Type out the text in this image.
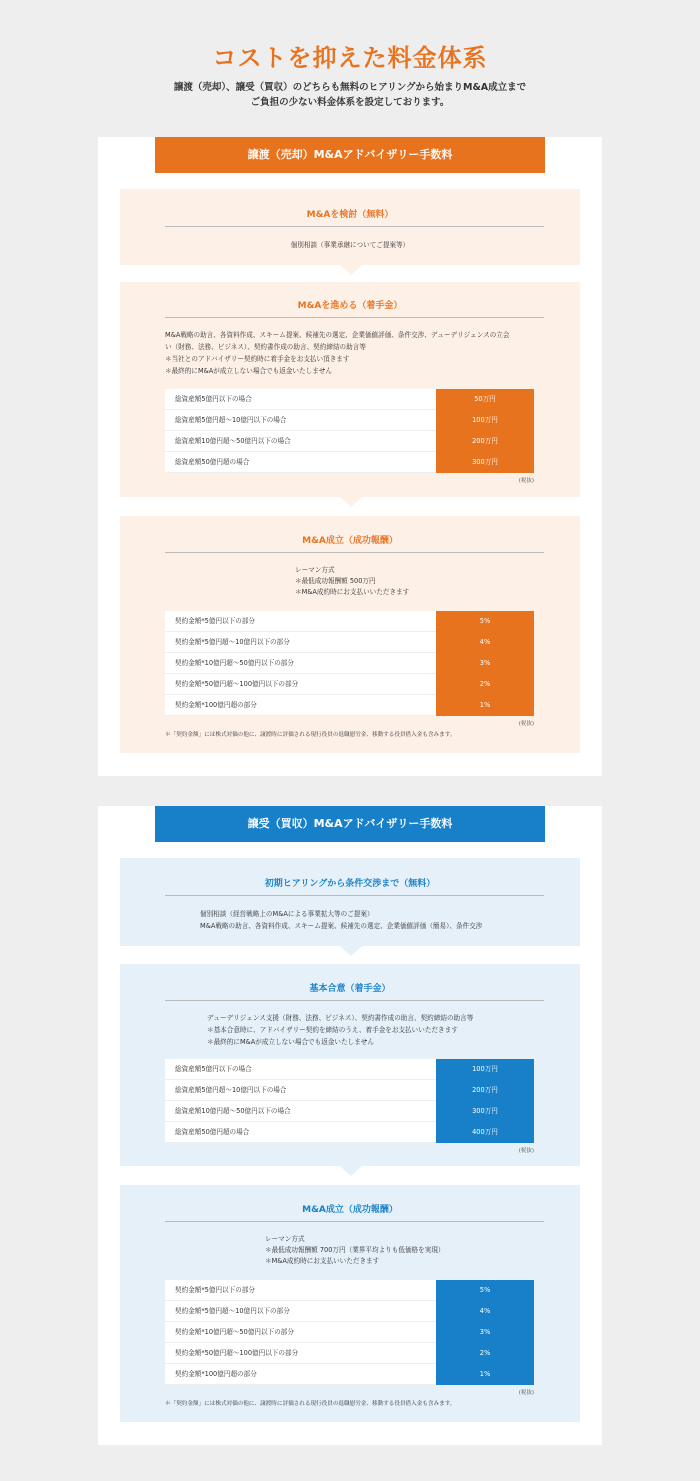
コストを抑えた料金体系
譲渡（売却）、譲受（買収）のどちらも無料のヒアリングから始まりM&A成立まで
ご負担の少ない料金体系を設定しております。
譲渡（売却）M&Aアドバイザリー手数料
M&Aを検討（無料）
個別相談（事業承継についてご提案等）
M&Aを進める（着手金）
M&A戦略の助言、各資料作成、スキーム提案、候補先の選定、企業価値評価、条件交渉、デューデリジェンスの立会
い（財務、法務、ビジネス）、契約書作成の助言、契約締結の助言等
＊当社とのアドバイザリー契約時に着手金をお支払い頂きます
＊最終的にM&Aが成立しない場合でも返金いたしません
総資産額5億円以下の場合	50万円
総資産額5億円超〜10億円以下の場合	100万円
総資産額10億円超〜50億円以下の場合	200万円
総資産額50億円超の場合	300万円
(税抜)
M&A成立（成功報酬）
レーマン方式
＊最低成功報酬額 500万円
＊M&A成約時にお支払いいただきます
契約金額*5億円以下の部分	5%
契約金額*5億円超〜10億円以下の部分	4%
契約金額*10億円超〜50億円以下の部分	3%
契約金額*50億円超〜100億円以下の部分	2%
契約金額*100億円超の部分	1%
(税抜)
＊「契約金額」には株式対価の他に、譲渡時に評価される現行役員の退職慰労金、移動する役員借入金も含みます。
譲受（買収）M&Aアドバイザリー手数料
初期ヒアリングから条件交渉まで（無料）
個別相談（経営戦略上のM&Aによる事業拡大等のご提案）
M&A戦略の助言、各資料作成、スキーム提案、候補先の選定、企業価値評価（簡易）、条件交渉
基本合意（着手金）
デューデリジェンス支援（財務、法務、ビジネス）、契約書作成の助言、契約締結の助言等
＊基本合意時に、アドバイザリー契約を締結のうえ、着手金をお支払いいただきます
＊最終的にM&Aが成立しない場合でも返金いたしません
総資産額5億円以下の場合	100万円
総資産額5億円超〜10億円以下の場合	200万円
総資産額10億円超〜50億円以下の場合	300万円
総資産額50億円超の場合	400万円
(税抜)
M&A成立（成功報酬）
レーマン方式
＊最低成功報酬額 700万円（業界平均よりも低価格を実現）
＊M&A成約時にお支払いいただきます
契約金額*5億円以下の部分	5%
契約金額*5億円超〜10億円以下の部分	4%
契約金額*10億円超〜50億円以下の部分	3%
契約金額*50億円超〜100億円以下の部分	2%
契約金額*100億円超の部分	1%
(税抜)
＊「契約金額」には株式対価の他に、譲渡時に評価される現行役員の退職慰労金、移動する役員借入金も含みます。
